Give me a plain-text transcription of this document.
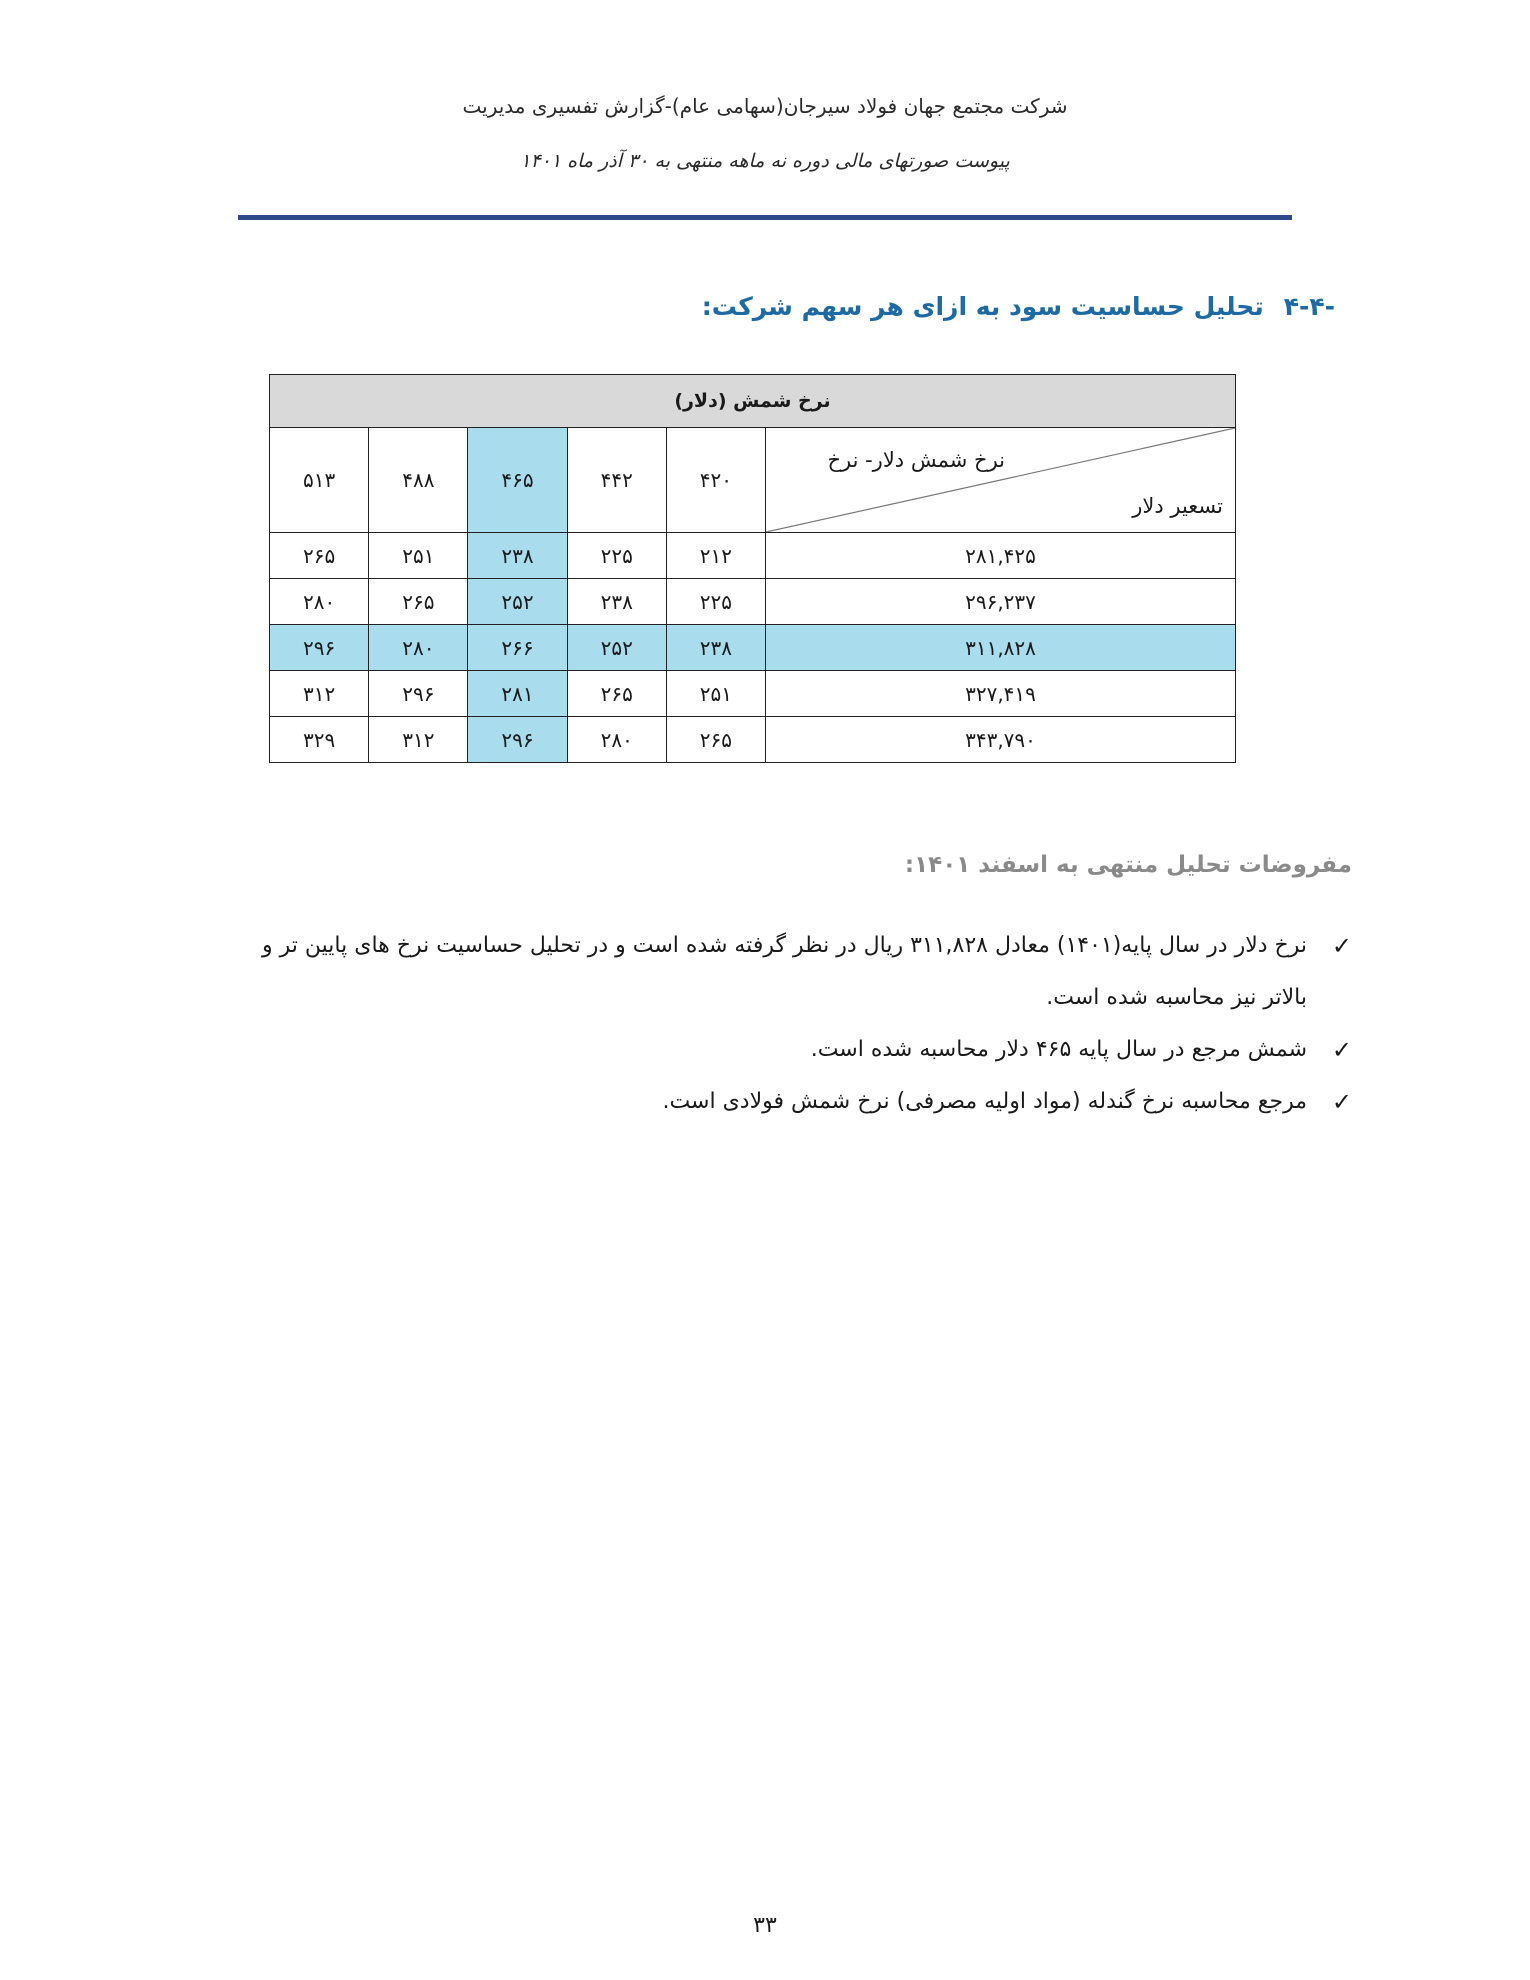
شرکت مجتمع جهان فولاد سیرجان(سهامی عام)-گزارش تفسیری مدیریت
پیوست صورتهای مالی دوره نه ماهه منتهی به ۳۰ آذر ماه ۱۴۰۱
-۴-۴تحلیل حساسیت سود به ازای هر سهم شرکت:
نرخ شمش (دلار)					

نرخ شمش دلار- نرخ
تسعیر دلار	۴۲۰	۴۴۲	۴۶۵	۴۸۸	۵۱۳
۲۸۱,۴۲۵	۲۱۲	۲۲۵	۲۳۸	۲۵۱	۲۶۵
۲۹۶,۲۳۷	۲۲۵	۲۳۸	۲۵۲	۲۶۵	۲۸۰
۳۱۱,۸۲۸	۲۳۸	۲۵۲	۲۶۶	۲۸۰	۲۹۶
۳۲۷,۴۱۹	۲۵۱	۲۶۵	۲۸۱	۲۹۶	۳۱۲
۳۴۳,۷۹۰	۲۶۵	۲۸۰	۲۹۶	۳۱۲	۳۲۹
مفروضات تحلیل منتهی به اسفند ۱۴۰۱:
✓
نرخ دلار در سال پایه(۱۴۰۱) معادل ۳۱۱,۸۲۸ ریال در نظر گرفته شده است و در تحلیل حساسیت نرخ های پایین تر و بالاتر نیز محاسبه شده است.
✓
شمش مرجع در سال پایه ۴۶۵ دلار محاسبه شده است.
✓
مرجع محاسبه نرخ گندله (مواد اولیه مصرفی) نرخ شمش فولادی است.
۳۳
